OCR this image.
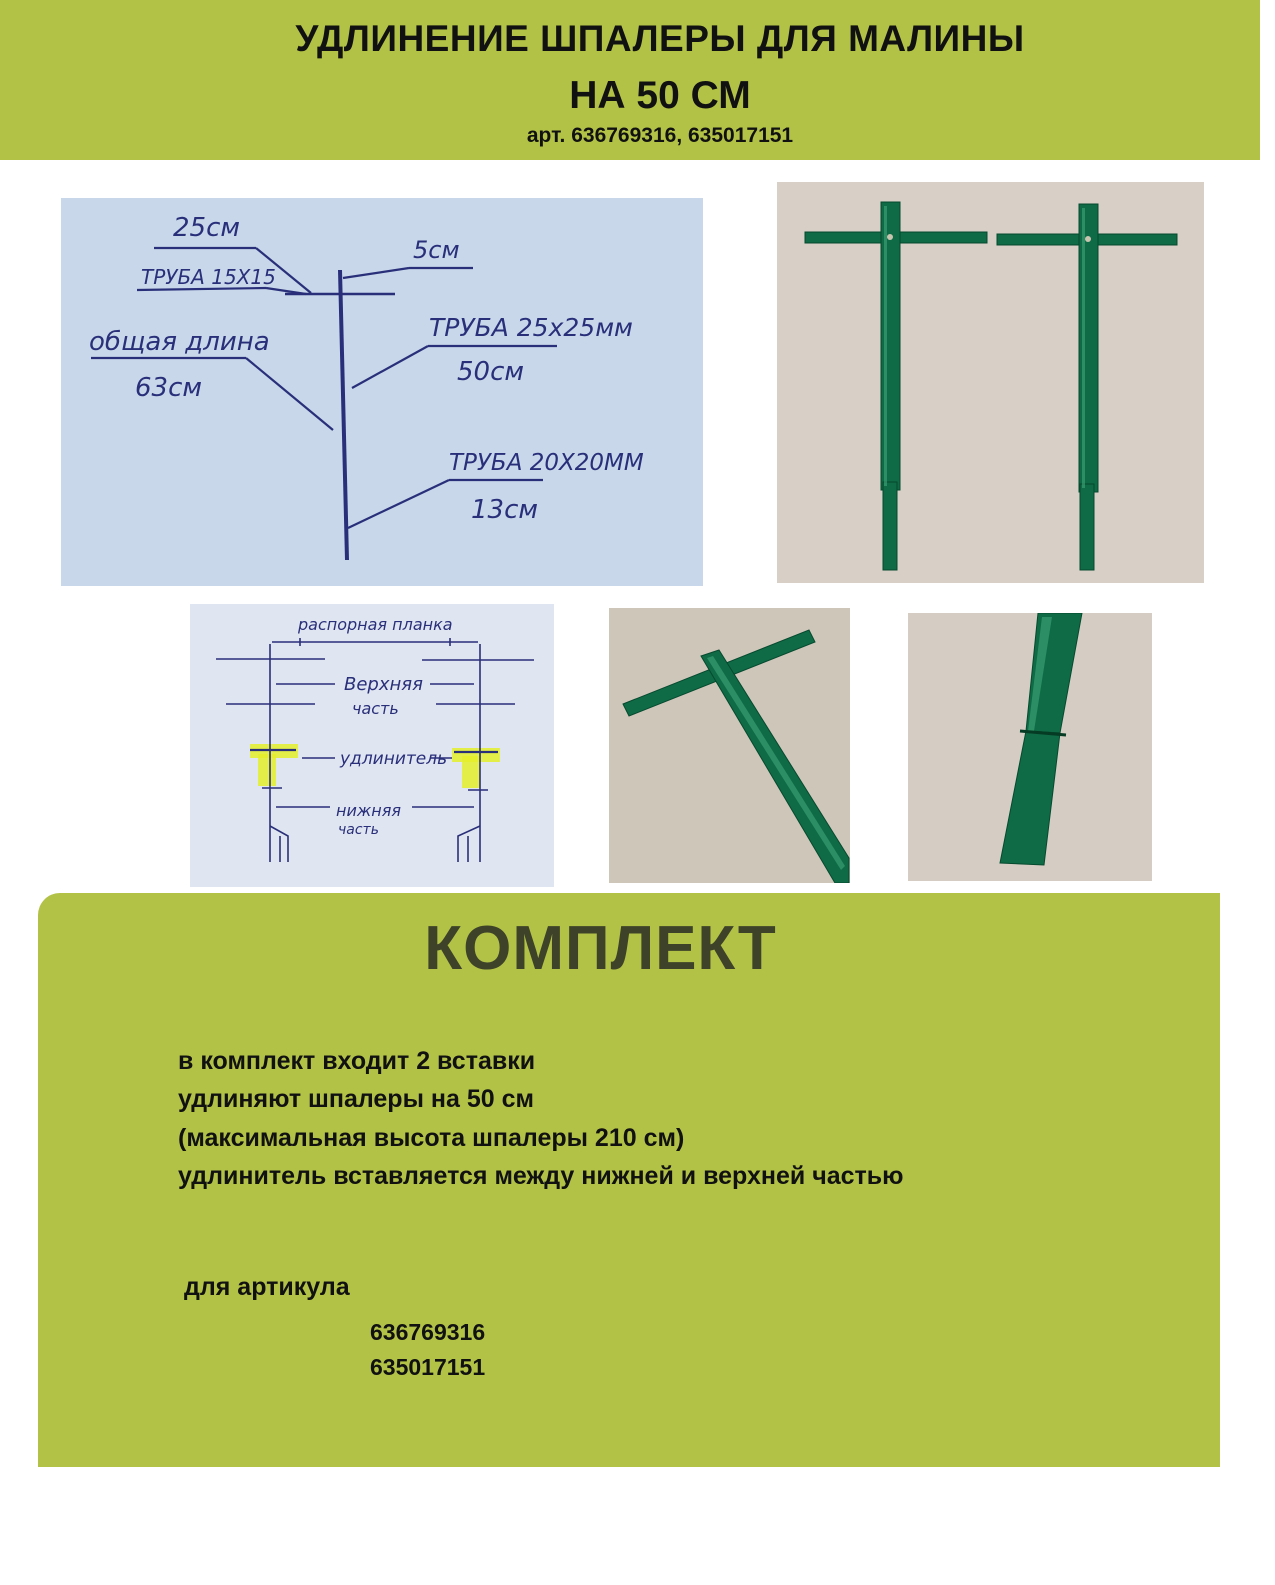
УДЛИНЕНИЕ ШПАЛЕРЫ ДЛЯ МАЛИНЫ
НА 50 СМ
арт. 636769316, 635017151
25см
ТРУБА 15Х15
5см
ТРУБА 25х25мм
50см
общая длина
63см
ТРУБА 20Х20ММ
13см
распорная планка
Верхняя
часть
удлинитель
нижняя
часть
КОМПЛЕКТ
в комплект входит 2 вставки
удлиняют шпалеры на 50 см
(максимальная высота шпалеры 210 см)
удлинитель вставляется между нижней и верхней частью
для артикула
636769316
635017151
